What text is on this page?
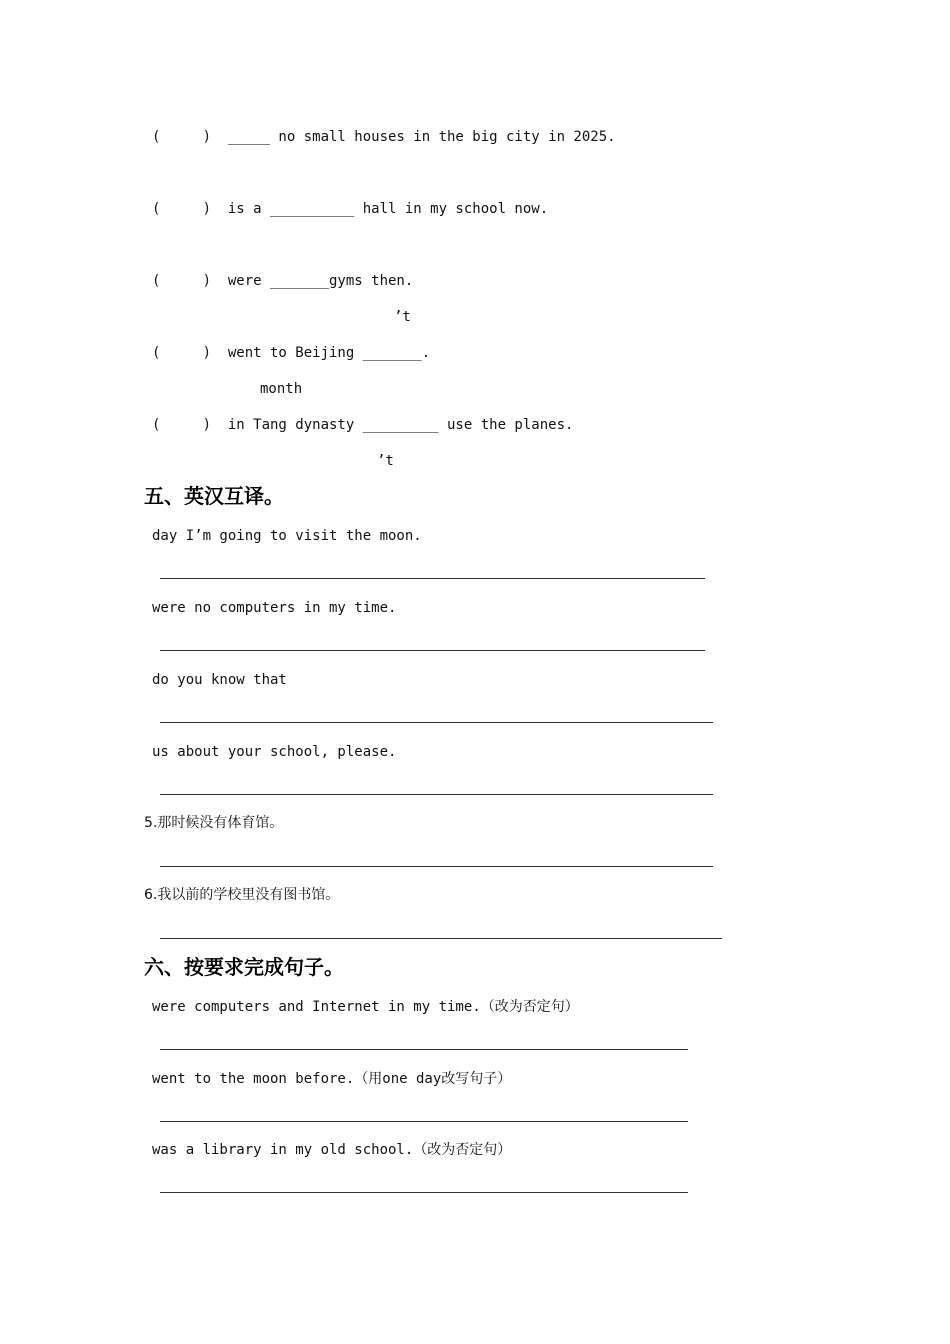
(     )  _____ no small houses in the big city in 2025.
(     )  is a __________ hall in my school now.
(     )  were _______gyms then.
’t
(     )  went to Beijing _______.
month
(     )  in Tang dynasty _________ use the planes.
’t
五、英汉互译。
day I’m going to visit the moon.
were no computers in my time.
do you know that
us about your school, please.
5.那时候没有体育馆。
6.我以前的学校里没有图书馆。
六、按要求完成句子。
were computers and Internet in my time.（改为否定句）
went to the moon before.（用one day改写句子）
was a library in my old school.（改为否定句）
